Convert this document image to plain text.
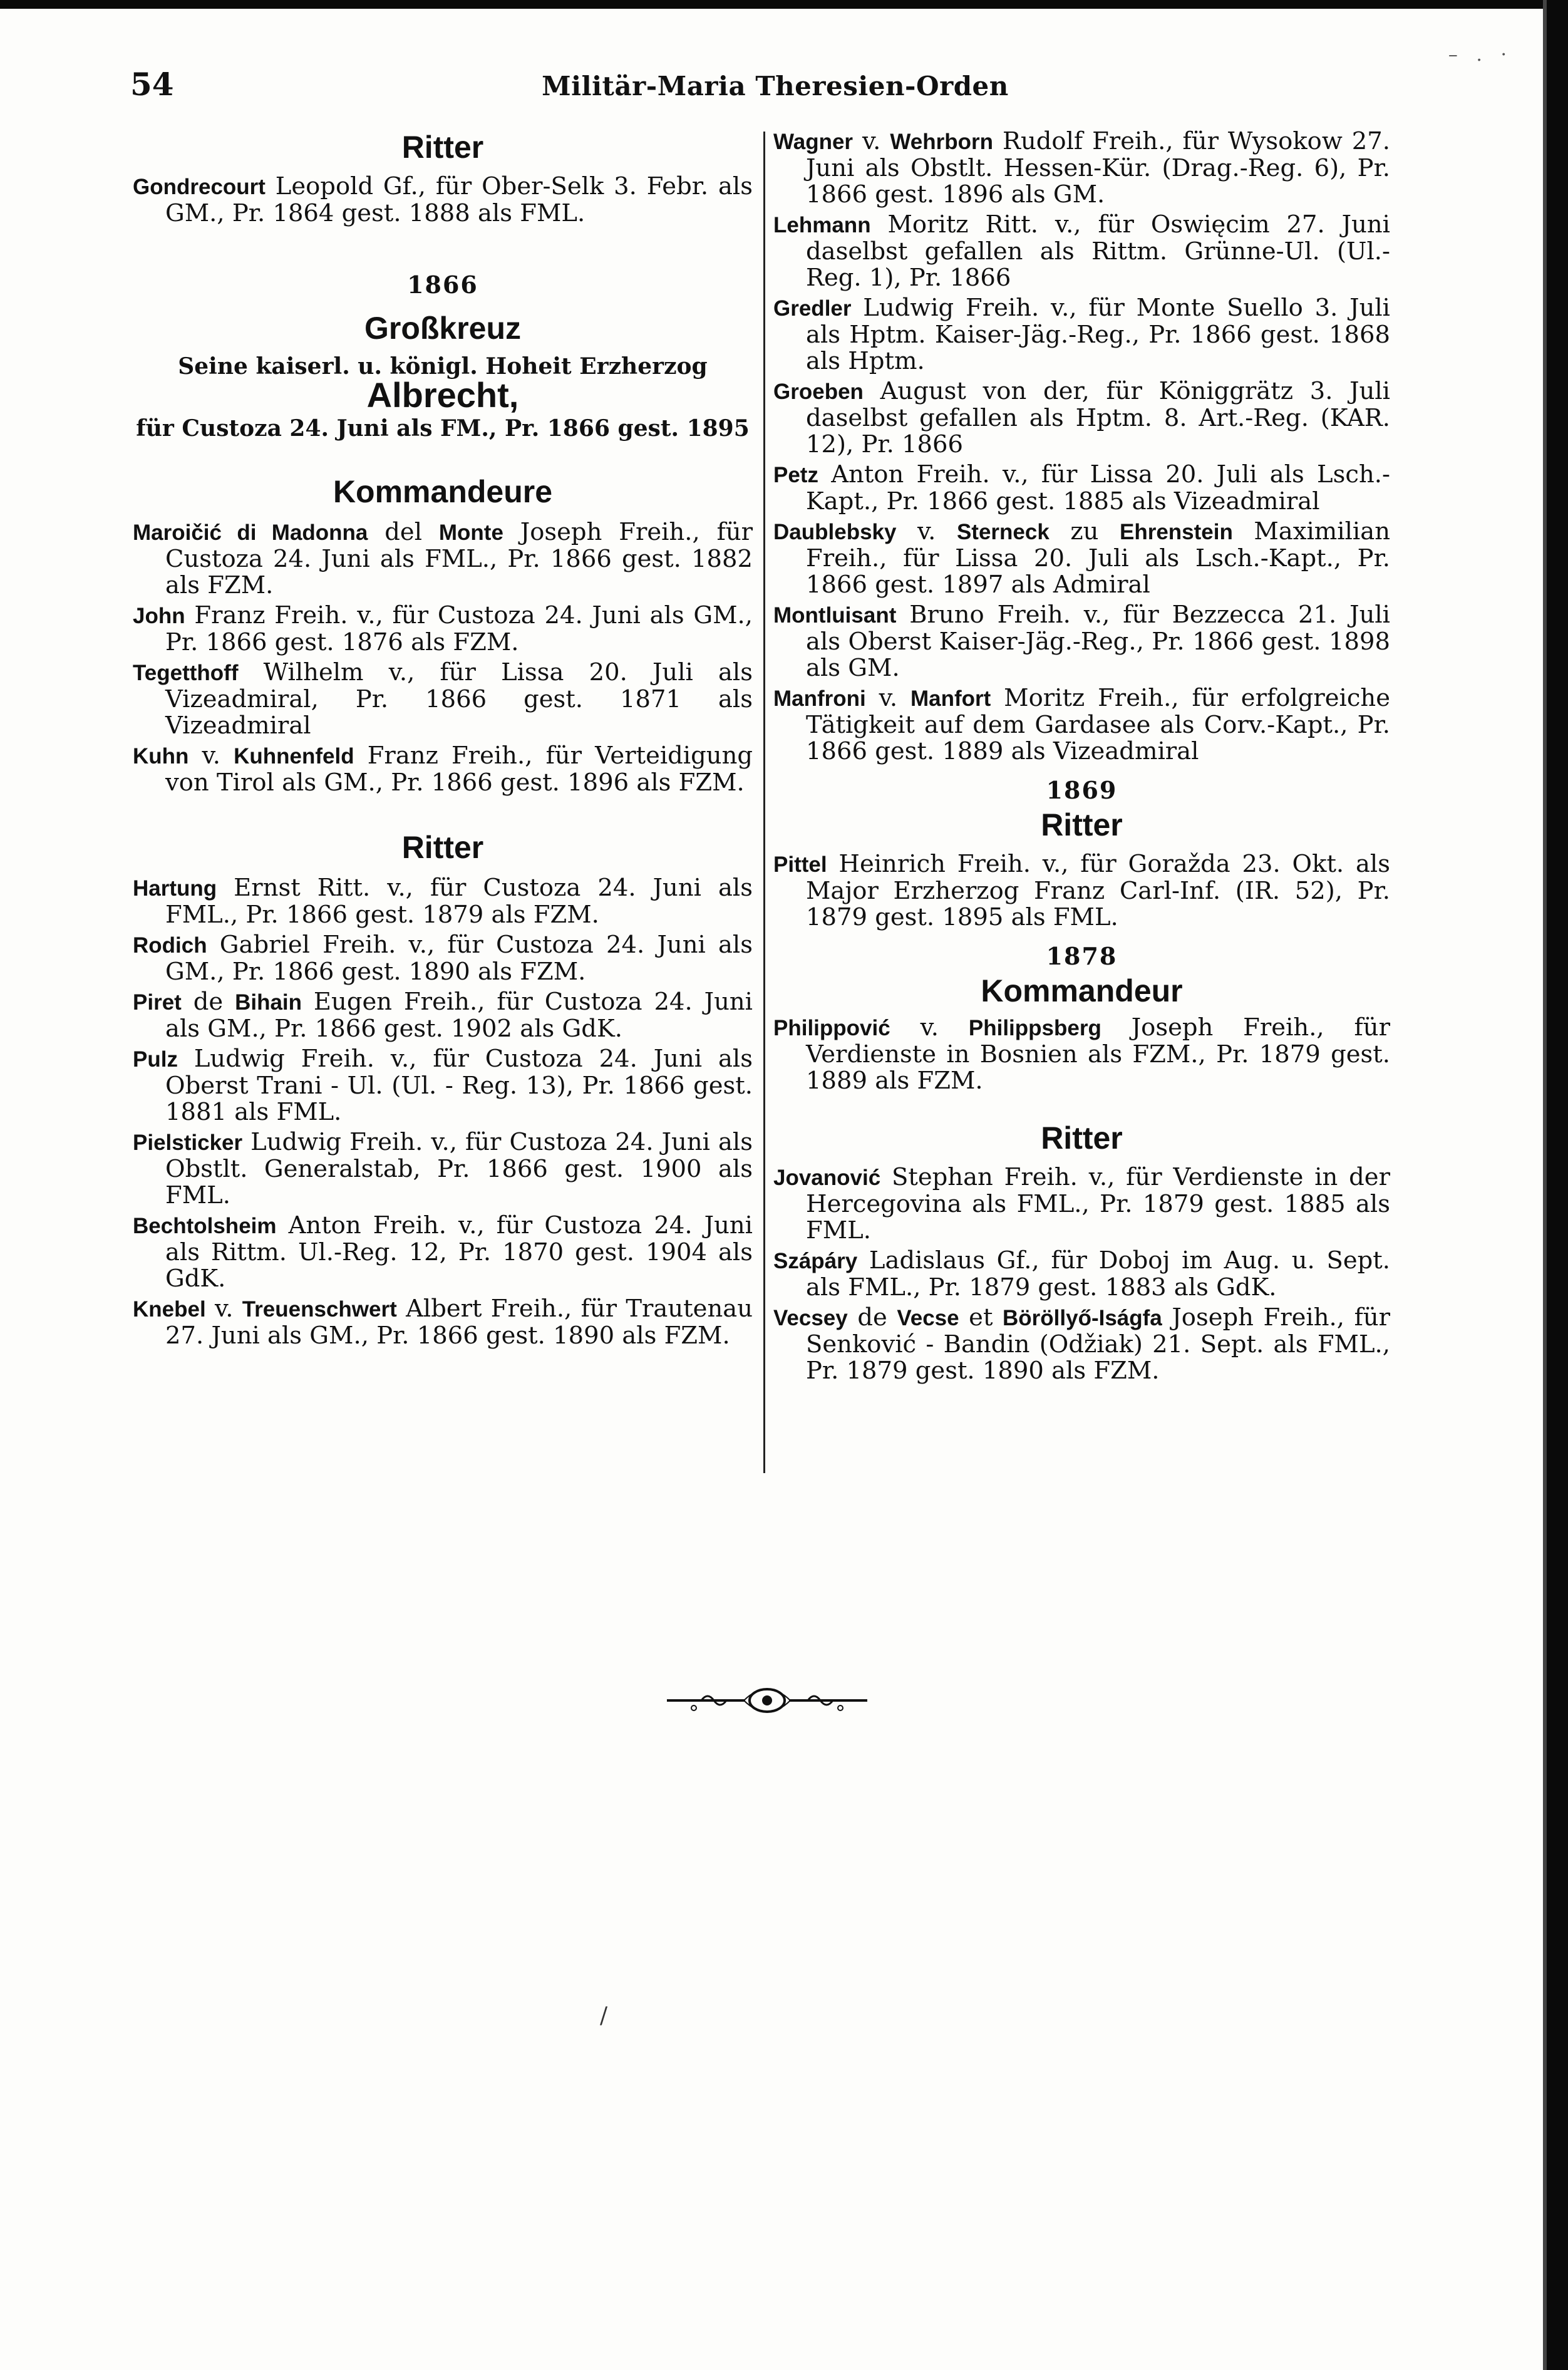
– . ·
54	Militär-Maria Theresien-Orden
Ritter
Gondrecourt Leopold Gf., für Ober-Selk 3. Febr. als GM., Pr. 1864 gest. 1888 als FML.
1866
Großkreuz
Seine kaiserl. u. königl. Hoheit Erzherzog Albrecht,
für Custoza 24. Juni als FM., Pr. 1866 gest. 1895
Kommandeure
Maroičić di Madonna del Monte Joseph Freih., für Custoza 24. Juni als FML., Pr. 1866 gest. 1882 als FZM.
John Franz Freih. v., für Custoza 24. Juni als GM., Pr. 1866 gest. 1876 als FZM.
Tegetthoff Wilhelm v., für Lissa 20. Juli als Vizeadmiral, Pr. 1866 gest. 1871 als Vizeadmiral
Kuhn v. Kuhnenfeld Franz Freih., für Verteidigung von Tirol als GM., Pr. 1866 gest. 1896 als FZM.
Ritter
Hartung Ernst Ritt. v., für Custoza 24. Juni als FML., Pr. 1866 gest. 1879 als FZM.
Rodich Gabriel Freih. v., für Custoza 24. Juni als GM., Pr. 1866 gest. 1890 als FZM.
Piret de Bihain Eugen Freih., für Custoza 24. Juni als GM., Pr. 1866 gest. 1902 als GdK.
Pulz Ludwig Freih. v., für Custoza 24. Juni als Oberst Trani - Ul. (Ul. - Reg. 13), Pr. 1866 gest. 1881 als FML.
Pielsticker Ludwig Freih. v., für Custoza 24. Juni als Obstlt. Generalstab, Pr. 1866 gest. 1900 als FML.
Bechtolsheim Anton Freih. v., für Custoza 24. Juni als Rittm. Ul.-Reg. 12, Pr. 1870 gest. 1904 als GdK.
Knebel v. Treuenschwert Albert Freih., für Trautenau 27. Juni als GM., Pr. 1866 gest. 1890 als FZM.
Wagner v. Wehrborn Rudolf Freih., für Wysokow 27. Juni als Obstlt. Hessen-Kür. (Drag.-Reg. 6), Pr. 1866 gest. 1896 als GM.
Lehmann Moritz Ritt. v., für Oswięcim 27. Juni daselbst gefallen als Rittm. Grünne-Ul. (Ul.-Reg. 1), Pr. 1866
Gredler Ludwig Freih. v., für Monte Suello 3. Juli als Hptm. Kaiser-Jäg.-Reg., Pr. 1866 gest. 1868 als Hptm.
Groeben August von der, für Königgrätz 3. Juli daselbst gefallen als Hptm. 8. Art.-Reg. (KAR. 12), Pr. 1866
Petz Anton Freih. v., für Lissa 20. Juli als Lsch.-Kapt., Pr. 1866 gest. 1885 als Vizeadmiral
Daublebsky v. Sterneck zu Ehrenstein Maximilian Freih., für Lissa 20. Juli als Lsch.-Kapt., Pr. 1866 gest. 1897 als Admiral
Montluisant Bruno Freih. v., für Bezzecca 21. Juli als Oberst Kaiser-Jäg.-Reg., Pr. 1866 gest. 1898 als GM.
Manfroni v. Manfort Moritz Freih., für erfolgreiche Tätigkeit auf dem Gardasee als Corv.-Kapt., Pr. 1866 gest. 1889 als Vizeadmiral
1869
Ritter
Pittel Heinrich Freih. v., für Goražda 23. Okt. als Major Erzherzog Franz Carl-Inf. (IR. 52), Pr. 1879 gest. 1895 als FML.
1878
Kommandeur
Philippović v. Philippsberg Joseph Freih., für Verdienste in Bosnien als FZM., Pr. 1879 gest. 1889 als FZM.
Ritter
Jovanović Stephan Freih. v., für Verdienste in der Hercegovina als FML., Pr. 1879 gest. 1885 als FML.
Szápáry Ladislaus Gf., für Doboj im Aug. u. Sept. als FML., Pr. 1879 gest. 1883 als GdK.
Vecsey de Vecse et Böröllyő-Iságfa Joseph Freih., für Senković - Bandin (Odžiak) 21. Sept. als FML., Pr. 1879 gest. 1890 als FZM.
/
